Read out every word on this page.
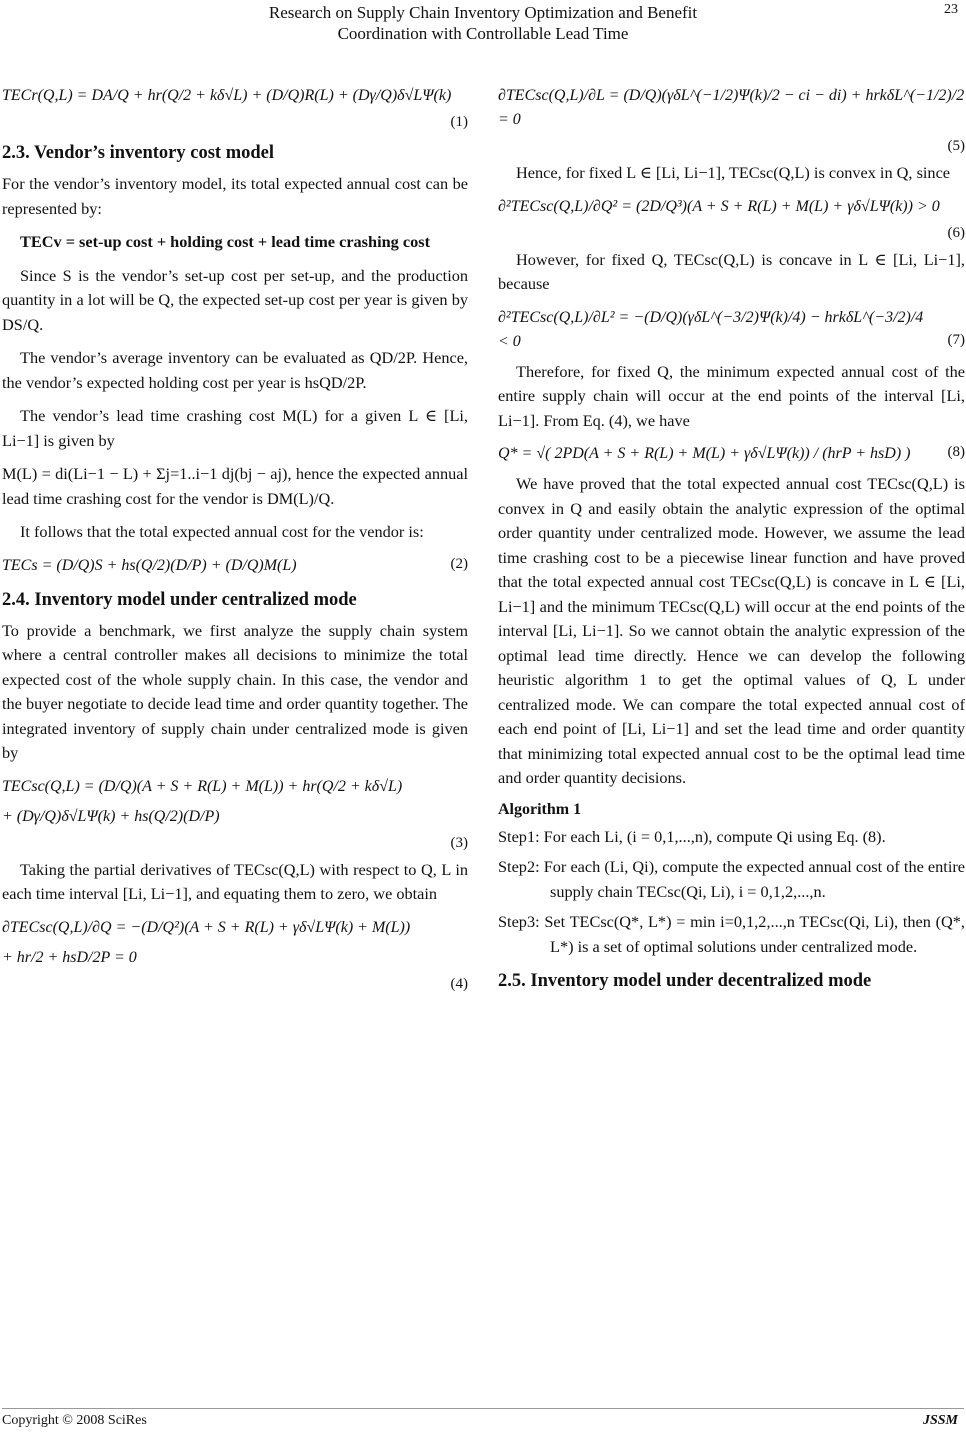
Research on Supply Chain Inventory Optimization and Benefit
Coordination with Controllable Lead Time
23
TECr(Q,L) = DA/Q + hr(Q/2 + kδ√L) + (D/Q)R(L) + (Dγ/Q)δ√LΨ(k)
(1)
2.3. Vendor’s inventory cost model

For the vendor’s inventory model, its total expected annual cost can be represented by:

TECv = set-up cost + holding cost + lead time crashing cost

Since S is the vendor’s set-up cost per set-up, and the production quantity in a lot will be Q, the expected set-up cost per year is given by DS/Q.

The vendor’s average inventory can be evaluated as QD/2P. Hence, the vendor’s expected holding cost per year is hsQD/2P.

The vendor’s lead time crashing cost M(L) for a given L ∈ [Li, Li−1] is given by

M(L) = di(Li−1 − L) + Σj=1..i−1 dj(bj − aj), hence the expected annual lead time crashing cost for the vendor is DM(L)/Q.

It follows that the total expected annual cost for the vendor is:

TECs = (D/Q)S + hs(Q/2)(D/P) + (D/Q)M(L)	(2)
2.4. Inventory model under centralized mode

To provide a benchmark, we first analyze the supply chain system where a central controller makes all decisions to minimize the total expected cost of the whole supply chain. In this case, the vendor and the buyer negotiate to decide lead time and order quantity together. The integrated inventory of supply chain under centralized mode is given by

TECsc(Q,L) = (D/Q)(A + S + R(L) + M(L)) + hr(Q/2 + kδ√L)
+ (Dγ/Q)δ√LΨ(k) + hs(Q/2)(D/P)
(3)

Taking the partial derivatives of TECsc(Q,L) with respect to Q, L in each time interval [Li, Li−1], and equating them to zero, we obtain

∂TECsc(Q,L)/∂Q = −(D/Q²)(A + S + R(L) + γδ√LΨ(k) + M(L))
+ hr/2 + hsD/2P = 0
(4)
∂TECsc(Q,L)/∂L = (D/Q)(γδL^(−1/2)Ψ(k)/2 − ci − di) + hrkδL^(−1/2)/2 = 0
(5)

Hence, for fixed L ∈ [Li, Li−1], TECsc(Q,L) is convex in Q, since

∂²TECsc(Q,L)/∂Q² = (2D/Q³)(A + S + R(L) + M(L) + γδ√LΨ(k)) > 0
(6)

However, for fixed Q, TECsc(Q,L) is concave in L ∈ [Li, Li−1], because

∂²TECsc(Q,L)/∂L² = −(D/Q)(γδL^(−3/2)Ψ(k)/4) − hrkδL^(−3/2)/4 < 0	(7)

Therefore, for fixed Q, the minimum expected annual cost of the entire supply chain will occur at the end points of the interval [Li, Li−1]. From Eq. (4), we have

Q* = √( 2PD(A + S + R(L) + M(L) + γδ√LΨ(k)) / (hrP + hsD) ) (8)

We have proved that the total expected annual cost TECsc(Q,L) is convex in Q and easily obtain the analytic expression of the optimal order quantity under centralized mode. However, we assume the lead time crashing cost to be a piecewise linear function and have proved that the total expected annual cost TECsc(Q,L) is concave in L ∈ [Li, Li−1] and the minimum TECsc(Q,L) will occur at the end points of the interval [Li, Li−1]. So we cannot obtain the analytic expression of the optimal lead time directly. Hence we can develop the following heuristic algorithm 1 to get the optimal values of Q, L under centralized mode. We can compare the total expected annual cost of each end point of [Li, Li−1] and set the lead time and order quantity that minimizing total expected annual cost to be the optimal lead time and order quantity decisions.

Algorithm 1
Step1: For each Li, (i = 0,1,...,n), compute Qi using Eq. (8).
Step2: For each (Li, Qi), compute the expected annual cost of the entire supply chain TECsc(Qi, Li), i = 0,1,2,...,n.
Step3: Set TECsc(Q*, L*) = min i=0,1,2,...,n TECsc(Qi, Li), then (Q*, L*) is a set of optimal solutions under centralized mode.
2.5. Inventory model under decentralized mode
Copyright © 2008 SciRes	JSSM
